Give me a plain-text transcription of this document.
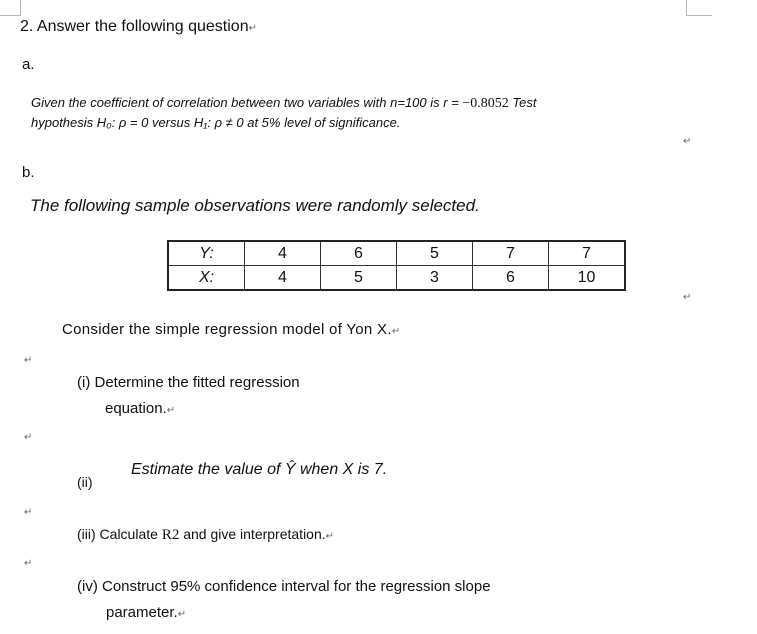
2. Answer the following question↵
a.
Given the coefficient of correlation between two variables with n=100 is r = −0.8052 Test
hypothesis H₀: ρ = 0 versus H₁: ρ ≠ 0 at 5% level of significance.
↵
b.
The following sample observations were randomly selected.
Y:	4	6	5	7	7
X:	4	5	3	6	10
↵
Consider the simple regression model of Yon X.↵
↵
(i) Determine the fitted regression
equation.↵
↵
Estimate the value of Ŷ when X is 7.
(ii)
↵
(iii) Calculate R2 and give interpretation.↵
↵
(iv) Construct 95% confidence interval for the regression slope
parameter.↵
